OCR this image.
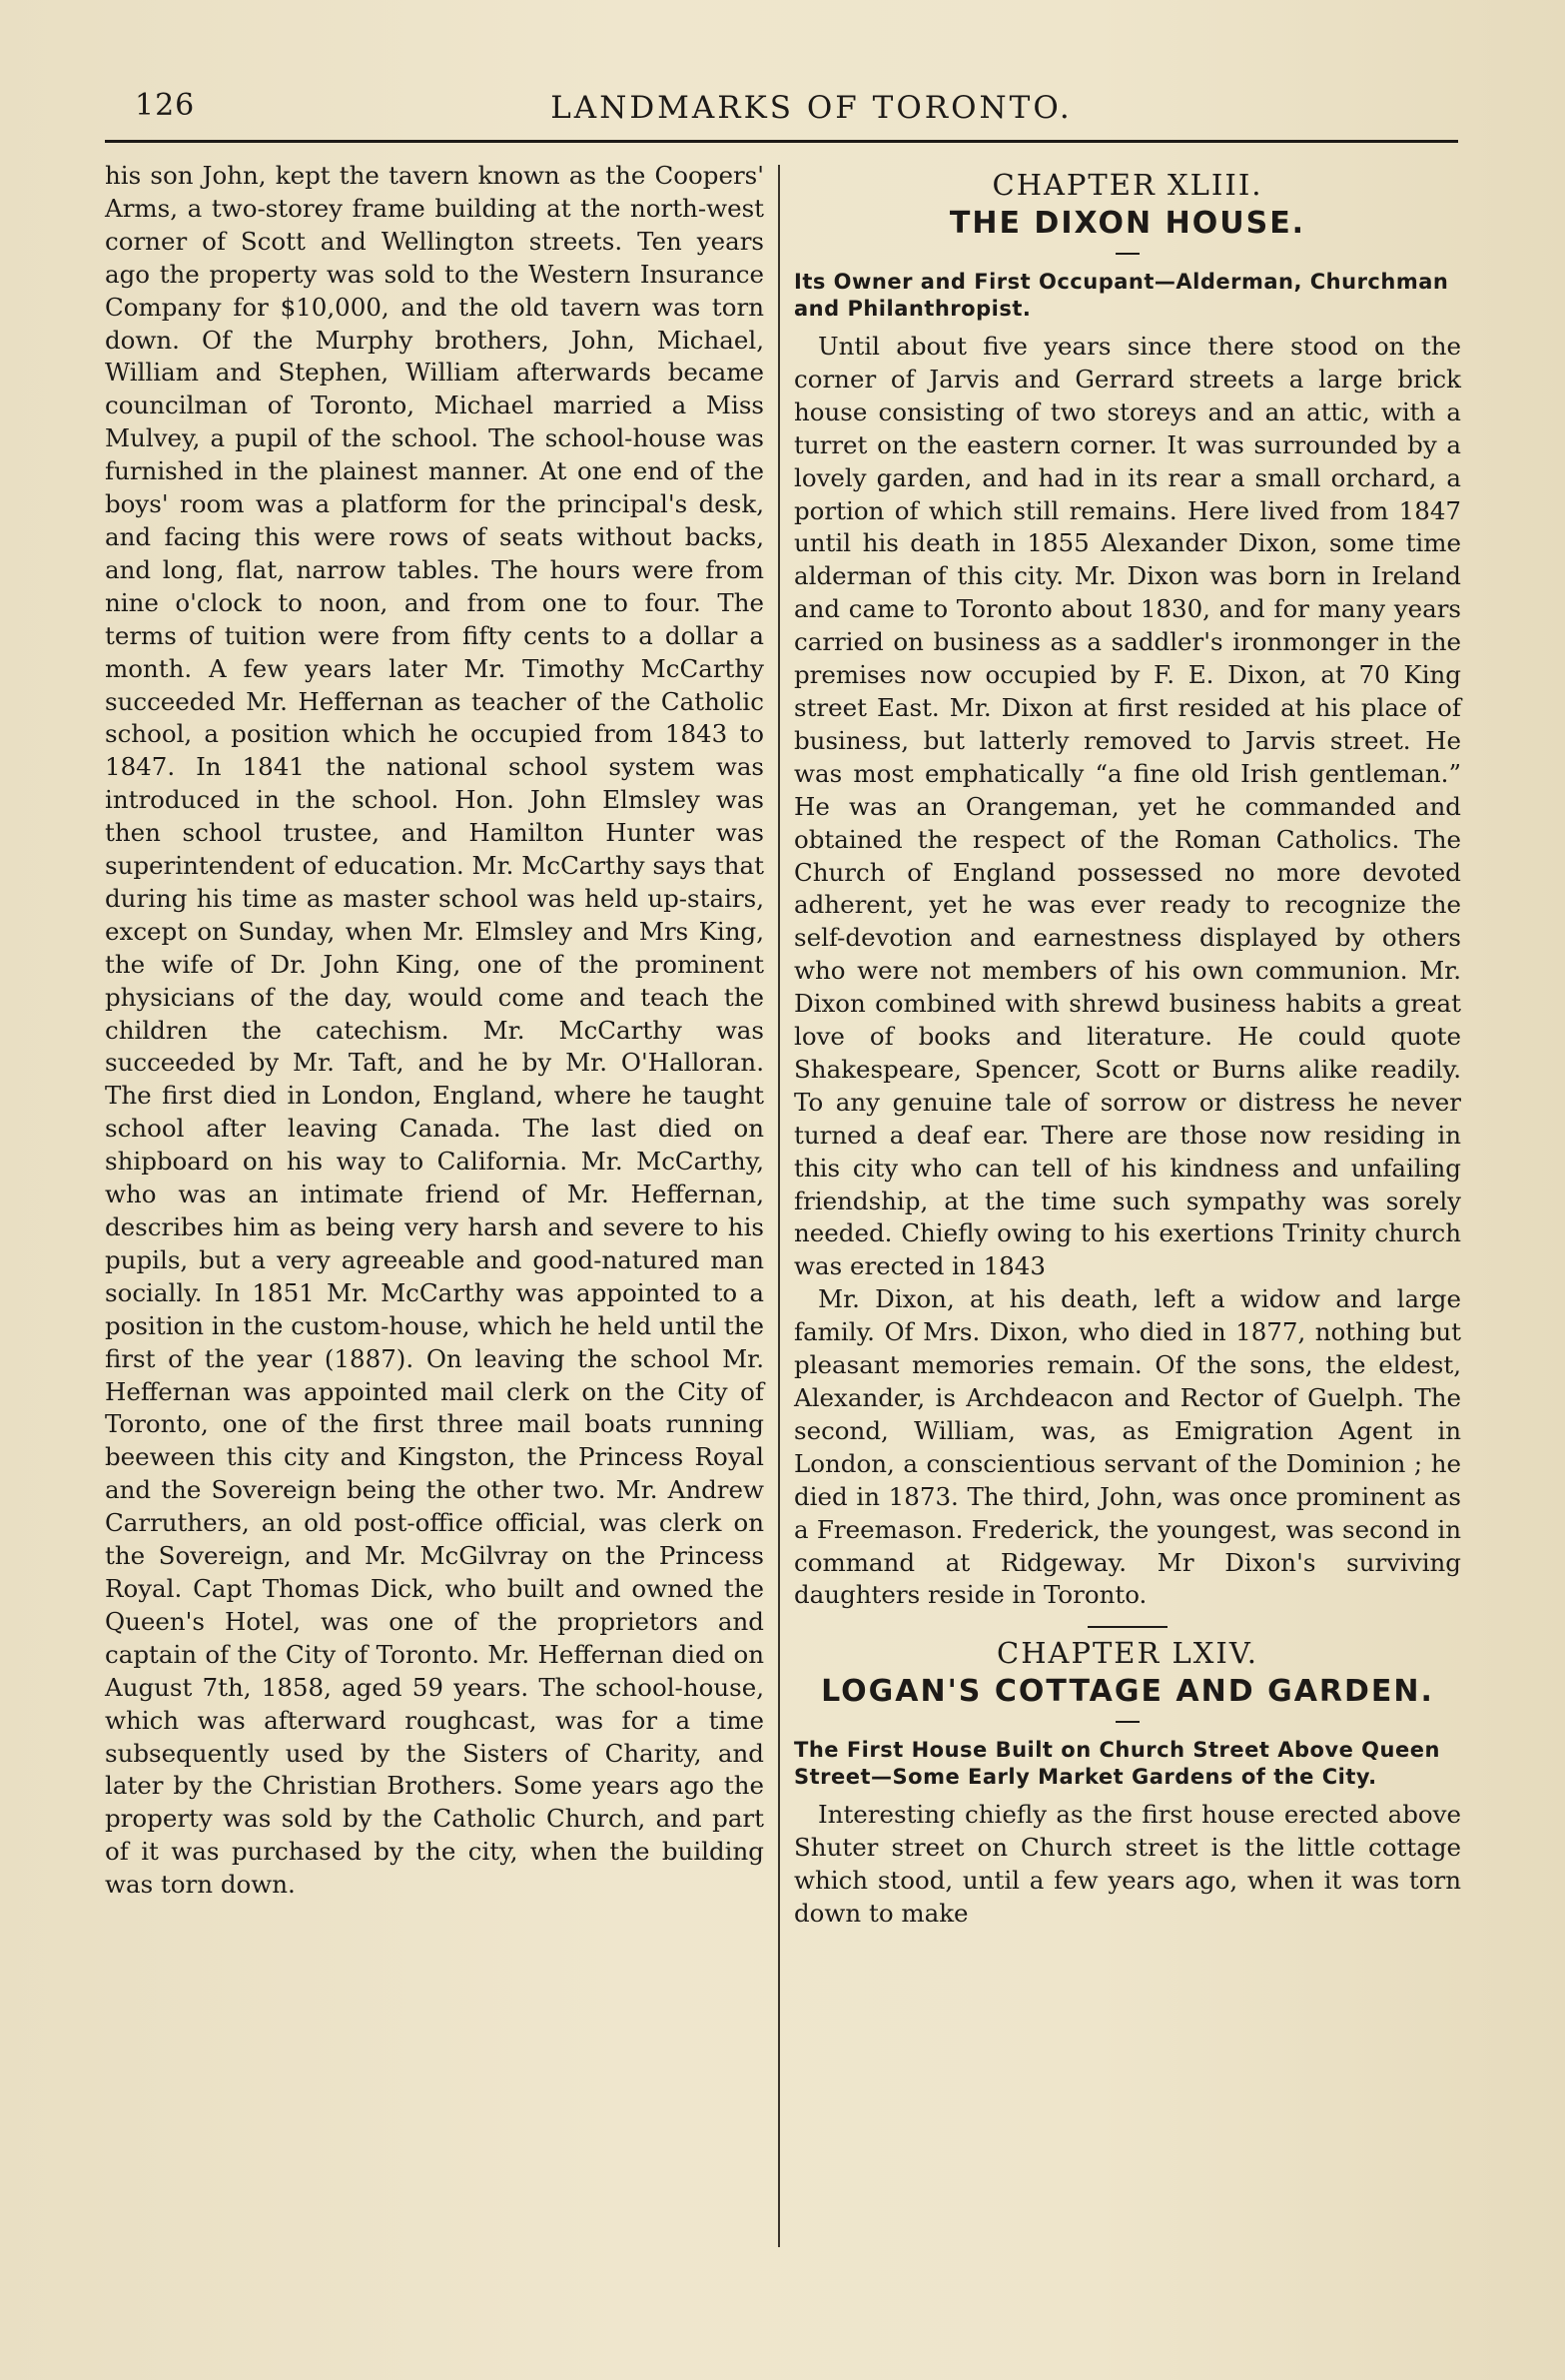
126	LANDMARKS OF TORONTO.

his son John, kept the tavern known as the Coopers' Arms, a two-storey frame building at the north-west corner of Scott and Wellington streets. Ten years ago the property was sold to the Western Insurance Company for $10,000, and the old tavern was torn down. Of the Murphy brothers, John, Michael, William and Stephen, William afterwards became councilman of Toronto, Michael married a Miss Mulvey, a pupil of the school. The school-house was furnished in the plainest manner. At one end of the boys' room was a platform for the principal's desk, and facing this were rows of seats without backs, and long, flat, narrow tables. The hours were from nine o'clock to noon, and from one to four. The terms of tuition were from fifty cents to a dollar a month. A few years later Mr. Timothy McCarthy succeeded Mr. Heffernan as teacher of the Catholic school, a position which he occupied from 1843 to 1847. In 1841 the national school system was introduced in the school. Hon. John Elmsley was then school trustee, and Hamilton Hunter was superintendent of education. Mr. McCarthy says that during his time as master school was held up-stairs, except on Sunday, when Mr. Elmsley and Mrs King, the wife of Dr. John King, one of the prominent physicians of the day, would come and teach the children the catechism. Mr. McCarthy was succeeded by Mr. Taft, and he by Mr. O'Halloran. The first died in London, England, where he taught school after leaving Canada. The last died on shipboard on his way to California. Mr. McCarthy, who was an intimate friend of Mr. Heffernan, describes him as being very harsh and severe to his pupils, but a very agreeable and good-natured man socially. In 1851 Mr. McCarthy was appointed to a position in the custom-house, which he held until the first of the year (1887). On leaving the school Mr. Heffernan was appointed mail clerk on the City of Toronto, one of the first three mail boats running beeween this city and Kingston, the Princess Royal and the Sovereign being the other two. Mr. Andrew Carruthers, an old post-office official, was clerk on the Sovereign, and Mr. McGilvray on the Princess Royal. Capt Thomas Dick, who built and owned the Queen's Hotel, was one of the proprietors and captain of the City of Toronto. Mr. Heffernan died on August 7th, 1858, aged 59 years. The school-house, which was afterward roughcast, was for a time subsequently used by the Sisters of Charity, and later by the Christian Brothers. Some years ago the property was sold by the Catholic Church, and part of it was purchased by the city, when the building was torn down.

CHAPTER XLIII.
THE DIXON HOUSE.

Its Owner and First Occupant—Alderman, Churchman and Philanthropist.

Until about five years since there stood on the corner of Jarvis and Gerrard streets a large brick house consisting of two storeys and an attic, with a turret on the eastern corner. It was surrounded by a lovely garden, and had in its rear a small orchard, a portion of which still remains. Here lived from 1847 until his death in 1855 Alexander Dixon, some time alderman of this city. Mr. Dixon was born in Ireland and came to Toronto about 1830, and for many years carried on business as a saddler's ironmonger in the premises now occupied by F. E. Dixon, at 70 King street East. Mr. Dixon at first resided at his place of business, but latterly removed to Jarvis street. He was most emphatically “a fine old Irish gentleman.” He was an Orangeman, yet he commanded and obtained the respect of the Roman Catholics. The Church of England possessed no more devoted adherent, yet he was ever ready to recognize the self-devotion and earnestness displayed by others who were not members of his own communion. Mr. Dixon combined with shrewd business habits a great love of books and literature. He could quote Shakespeare, Spencer, Scott or Burns alike readily. To any genuine tale of sorrow or distress he never turned a deaf ear. There are those now residing in this city who can tell of his kindness and unfailing friendship, at the time such sympathy was sorely needed. Chiefly owing to his exertions Trinity church was erected in 1843

Mr. Dixon, at his death, left a widow and large family. Of Mrs. Dixon, who died in 1877, nothing but pleasant memories remain. Of the sons, the eldest, Alexander, is Archdeacon and Rector of Guelph. The second, William, was, as Emigration Agent in London, a conscientious servant of the Dominion ; he died in 1873. The third, John, was once prominent as a Freemason. Frederick, the youngest, was second in command at Ridgeway. Mr Dixon's surviving daughters reside in Toronto.

CHAPTER LXIV.
LOGAN'S COTTAGE AND GARDEN.

The First House Built on Church Street Above Queen Street—Some Early Market Gardens of the City.

Interesting chiefly as the first house erected above Shuter street on Church street is the little cottage which stood, until a few years ago, when it was torn down to make
